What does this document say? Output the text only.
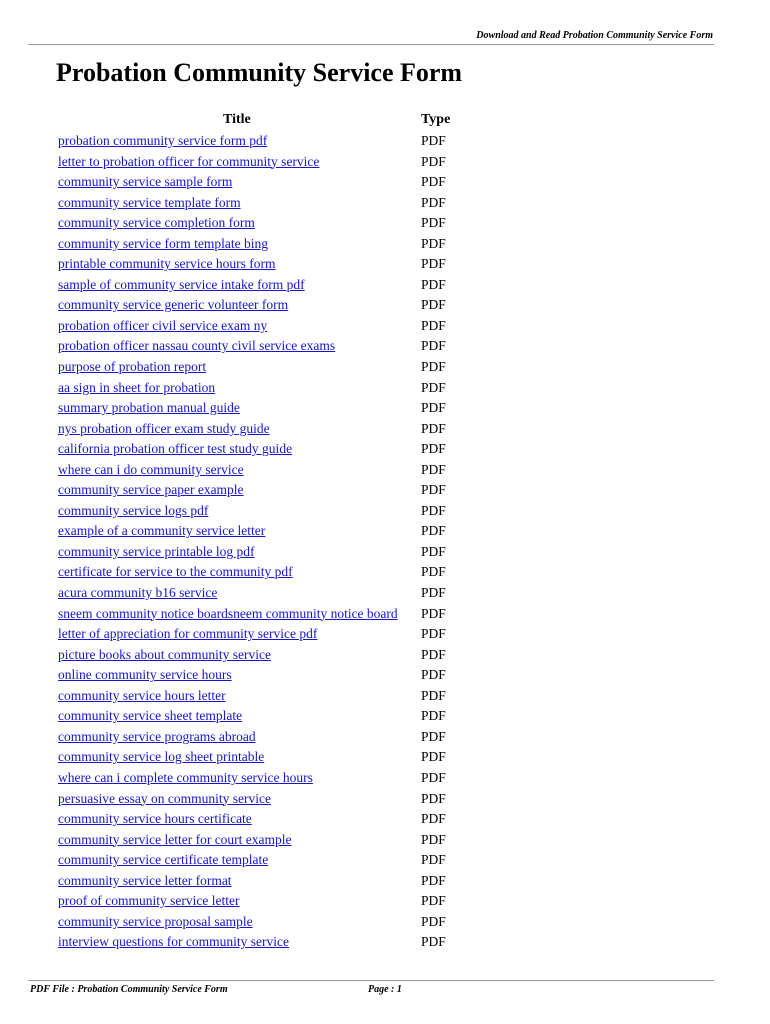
Download and Read Probation Community Service Form
Probation Community Service Form
Title	Type
probation community service form pdf	PDF
letter to probation officer for community service	PDF
community service sample form	PDF
community service template form	PDF
community service completion form	PDF
community service form template bing	PDF
printable community service hours form	PDF
sample of community service intake form pdf	PDF
community service generic volunteer form	PDF
probation officer civil service exam ny	PDF
probation officer nassau county civil service exams	PDF
purpose of probation report	PDF
aa sign in sheet for probation	PDF
summary probation manual guide	PDF
nys probation officer exam study guide	PDF
california probation officer test study guide	PDF
where can i do community service	PDF
community service paper example	PDF
community service logs pdf	PDF
example of a community service letter	PDF
community service printable log pdf	PDF
certificate for service to the community pdf	PDF
acura community b16 service	PDF
sneem community notice boardsneem community notice board PDF
letter of appreciation for community service pdf	PDF
picture books about community service	PDF
online community service hours	PDF
community service hours letter	PDF
community service sheet template	PDF
community service programs abroad	PDF
community service log sheet printable	PDF
where can i complete community service hours	PDF
persuasive essay on community service	PDF
community service hours certificate	PDF
community service letter for court example	PDF
community service certificate template	PDF
community service letter format	PDF
proof of community service letter	PDF
community service proposal sample	PDF
interview questions for community service	PDF
PDF File : Probation Community Service Form	Page : 1
